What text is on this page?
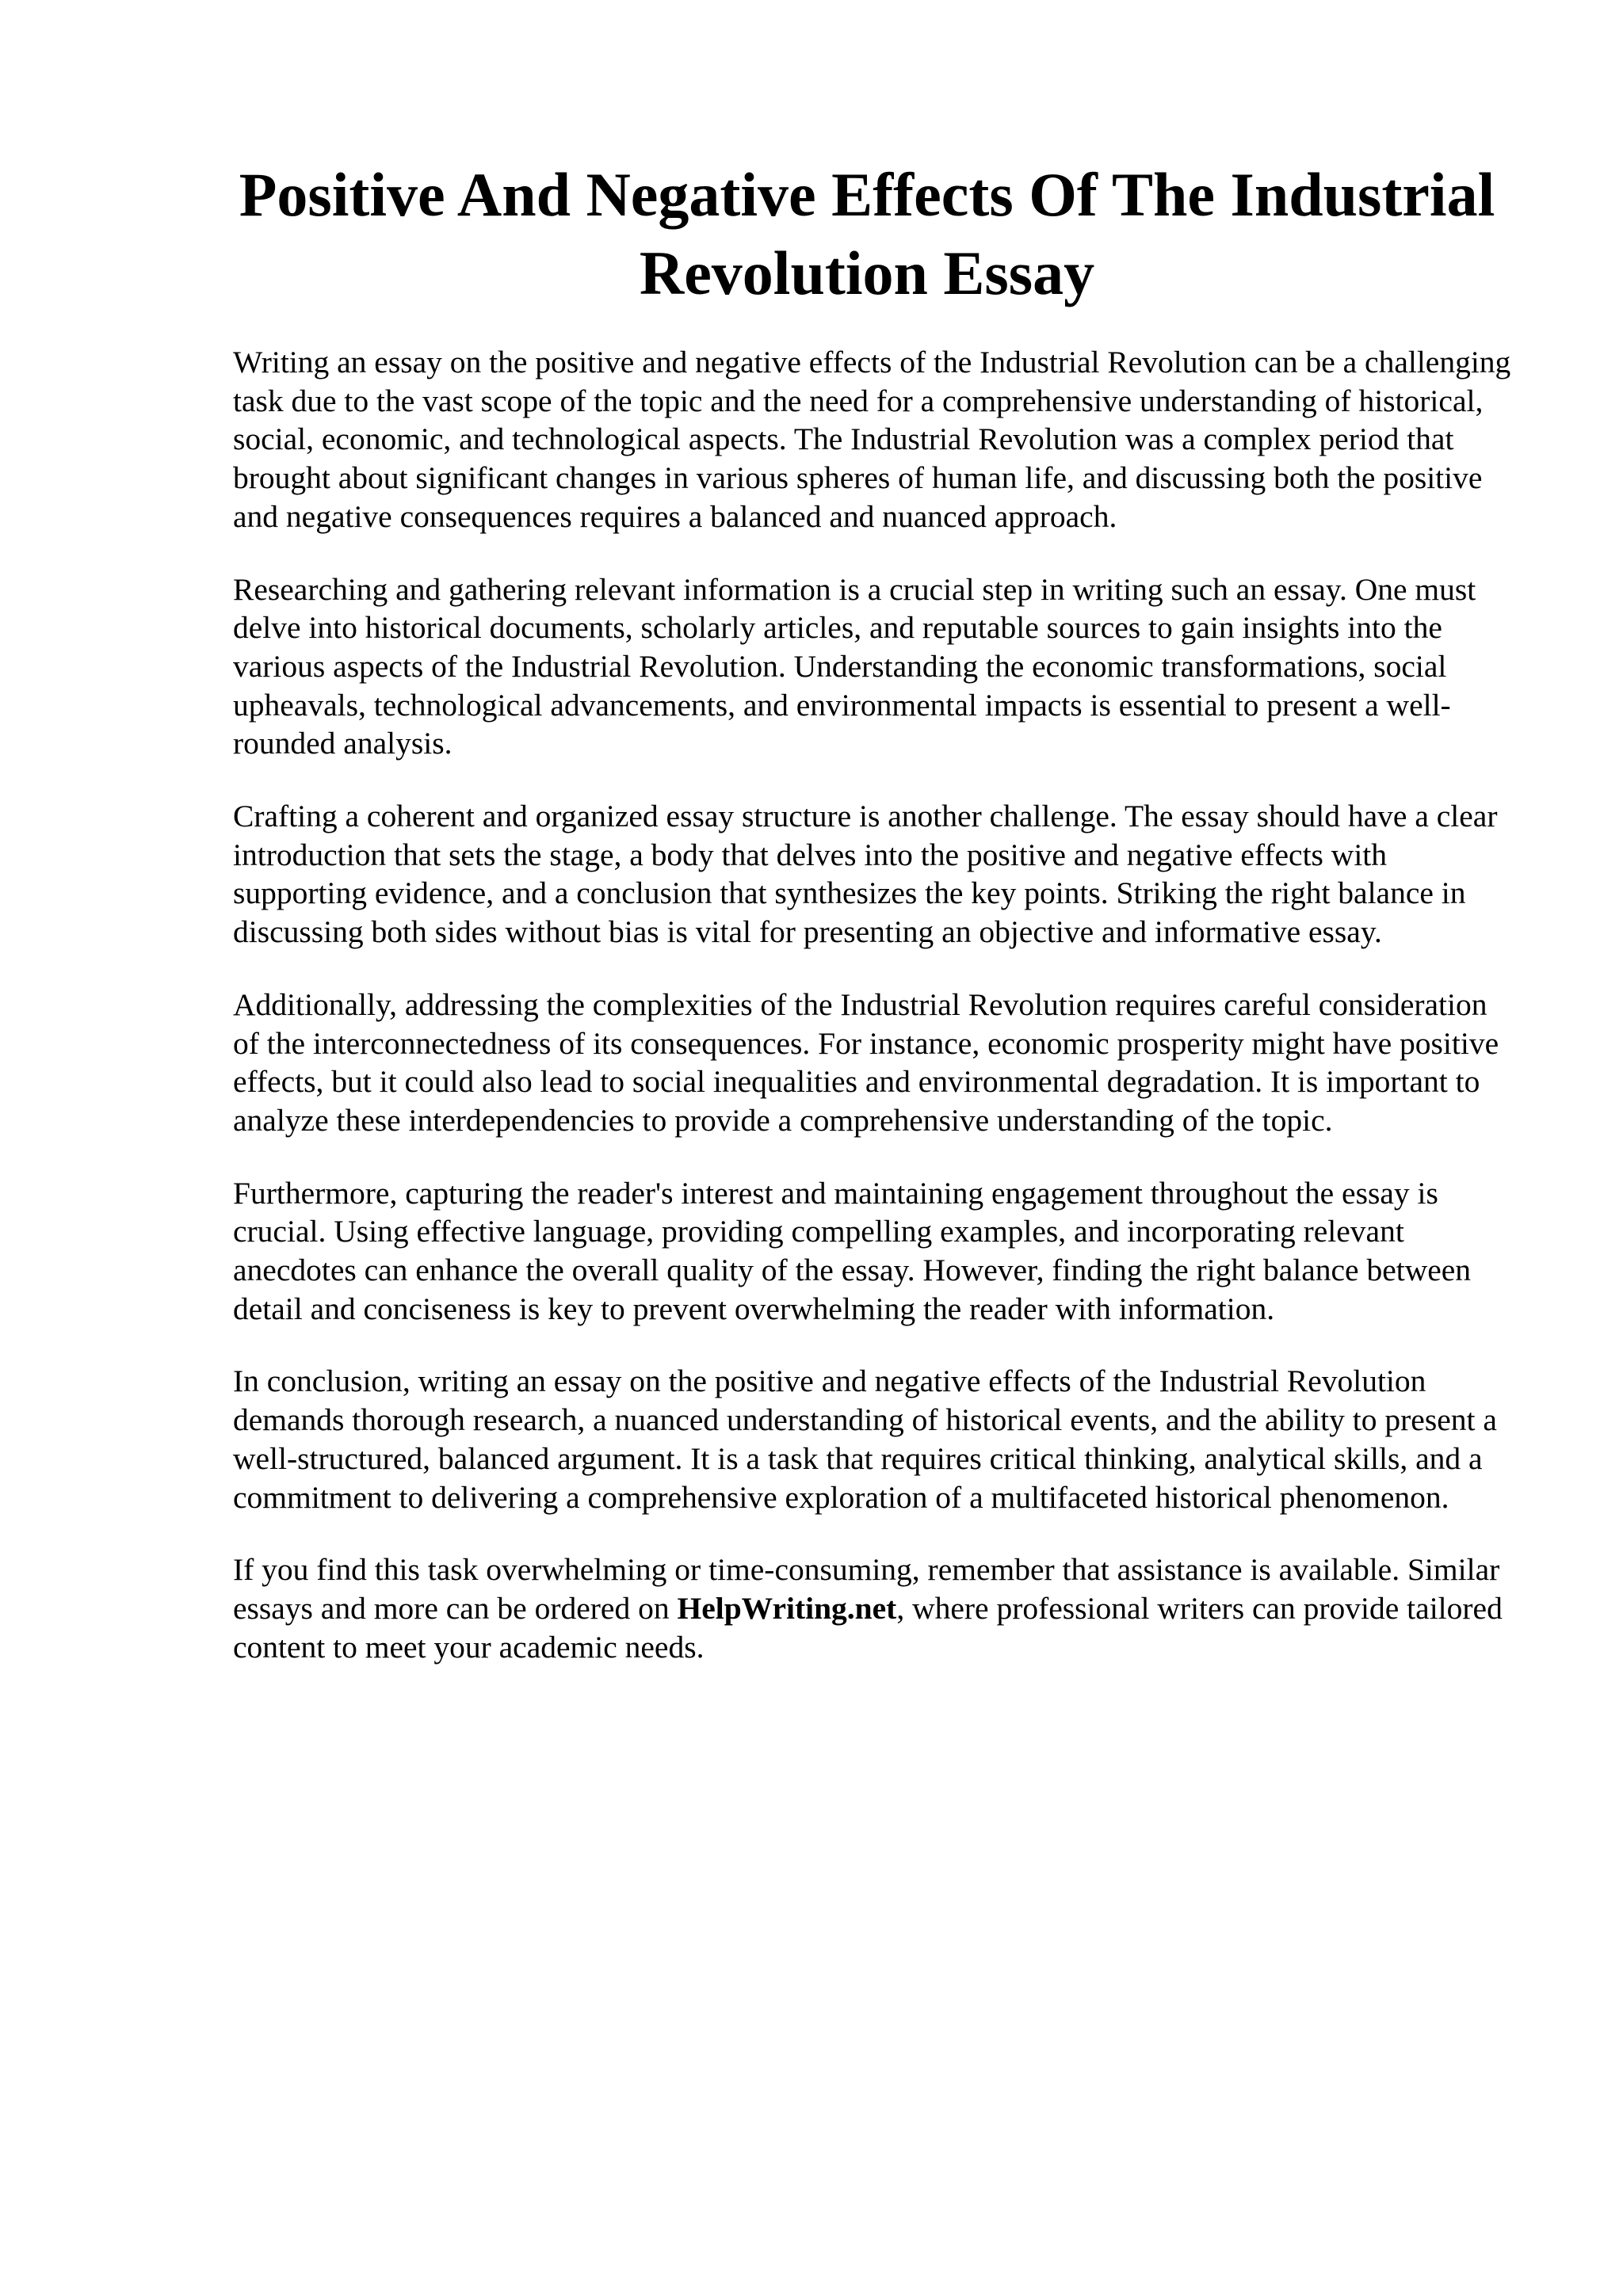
Positive And Negative Effects Of The Industrial Revolution Essay

Writing an essay on the positive and negative effects of the Industrial Revolution can be a challenging task due to the vast scope of the topic and the need for a comprehensive understanding of historical, social, economic, and technological aspects. The Industrial Revolution was a complex period that brought about significant changes in various spheres of human life, and discussing both the positive and negative consequences requires a balanced and nuanced approach.

Researching and gathering relevant information is a crucial step in writing such an essay. One must delve into historical documents, scholarly articles, and reputable sources to gain insights into the various aspects of the Industrial Revolution. Understanding the economic transformations, social upheavals, technological advancements, and environmental impacts is essential to present a well-rounded analysis.

Crafting a coherent and organized essay structure is another challenge. The essay should have a clear introduction that sets the stage, a body that delves into the positive and negative effects with supporting evidence, and a conclusion that synthesizes the key points. Striking the right balance in discussing both sides without bias is vital for presenting an objective and informative essay.

Additionally, addressing the complexities of the Industrial Revolution requires careful consideration of the interconnectedness of its consequences. For instance, economic prosperity might have positive effects, but it could also lead to social inequalities and environmental degradation. It is important to analyze these interdependencies to provide a comprehensive understanding of the topic.

Furthermore, capturing the reader's interest and maintaining engagement throughout the essay is crucial. Using effective language, providing compelling examples, and incorporating relevant anecdotes can enhance the overall quality of the essay. However, finding the right balance between detail and conciseness is key to prevent overwhelming the reader with information.

In conclusion, writing an essay on the positive and negative effects of the Industrial Revolution demands thorough research, a nuanced understanding of historical events, and the ability to present a well-structured, balanced argument. It is a task that requires critical thinking, analytical skills, and a commitment to delivering a comprehensive exploration of a multifaceted historical phenomenon.

If you find this task overwhelming or time-consuming, remember that assistance is available. Similar essays and more can be ordered on HelpWriting.net, where professional writers can provide tailored content to meet your academic needs.
